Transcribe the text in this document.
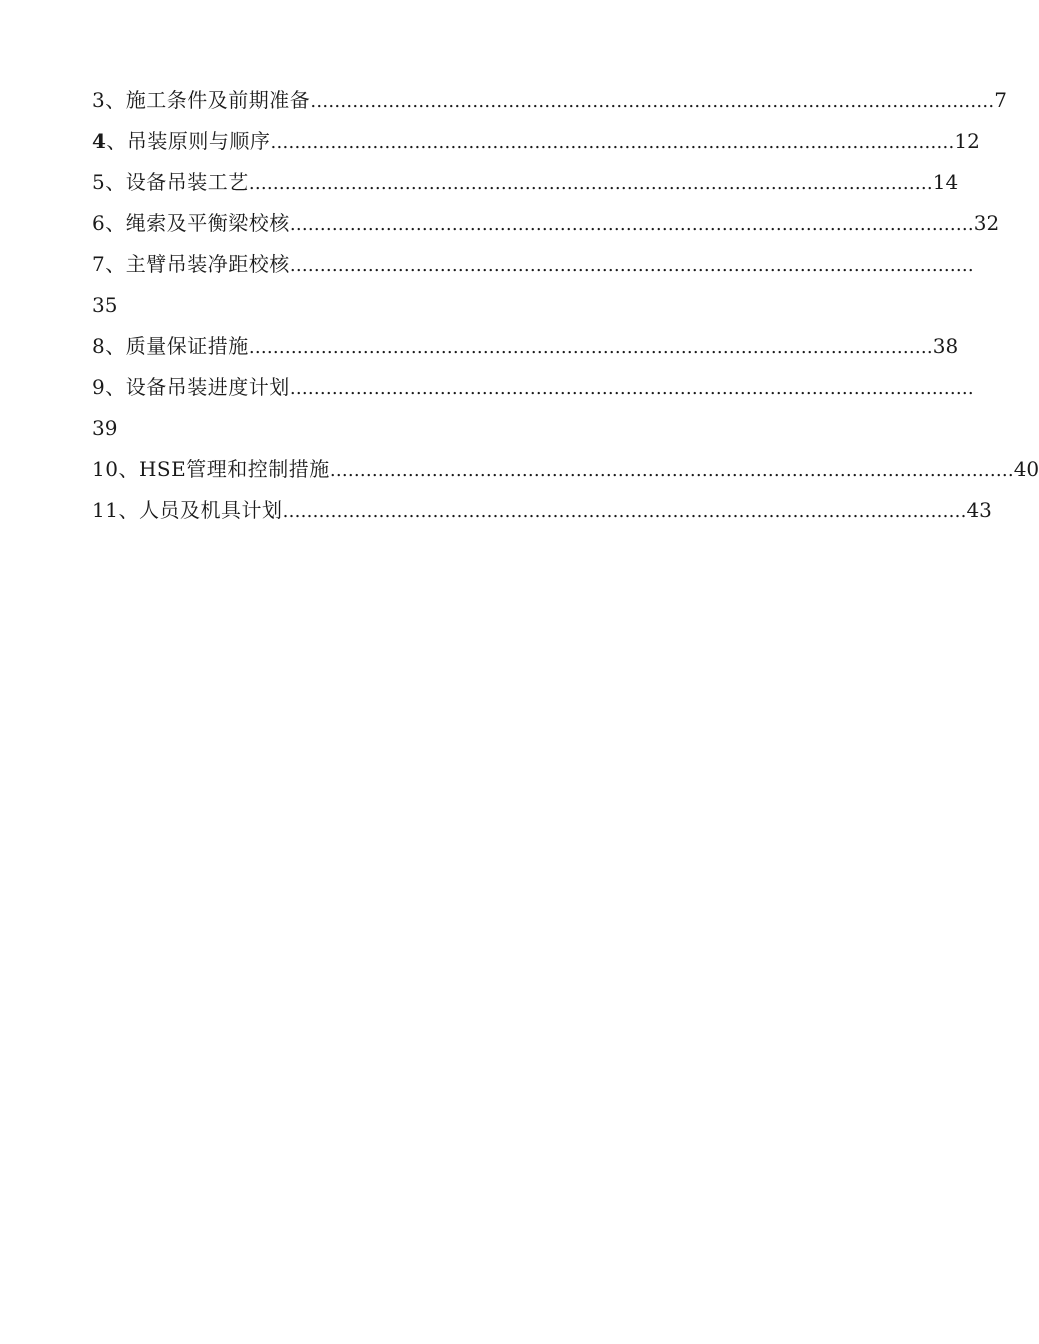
3、施工条件及前期准备 …………………………………………………………………………………………………… 7
4、吊装原则与顺序 …………………………………………………………………………………………………… 12
5、设备吊装工艺 …………………………………………………………………………………………………… 14
6、绳索及平衡梁校核 …………………………………………………………………………………………………… 32
7、主臂吊装净距校核 ……………………………………………………………………………………………………
35
8、质量保证措施 …………………………………………………………………………………………………… 38
9、设备吊装进度计划 ……………………………………………………………………………………………………
39
10、HSE管理和控制措施 …………………………………………………………………………………………………… 40
11、人员及机具计划 …………………………………………………………………………………………………… 43
